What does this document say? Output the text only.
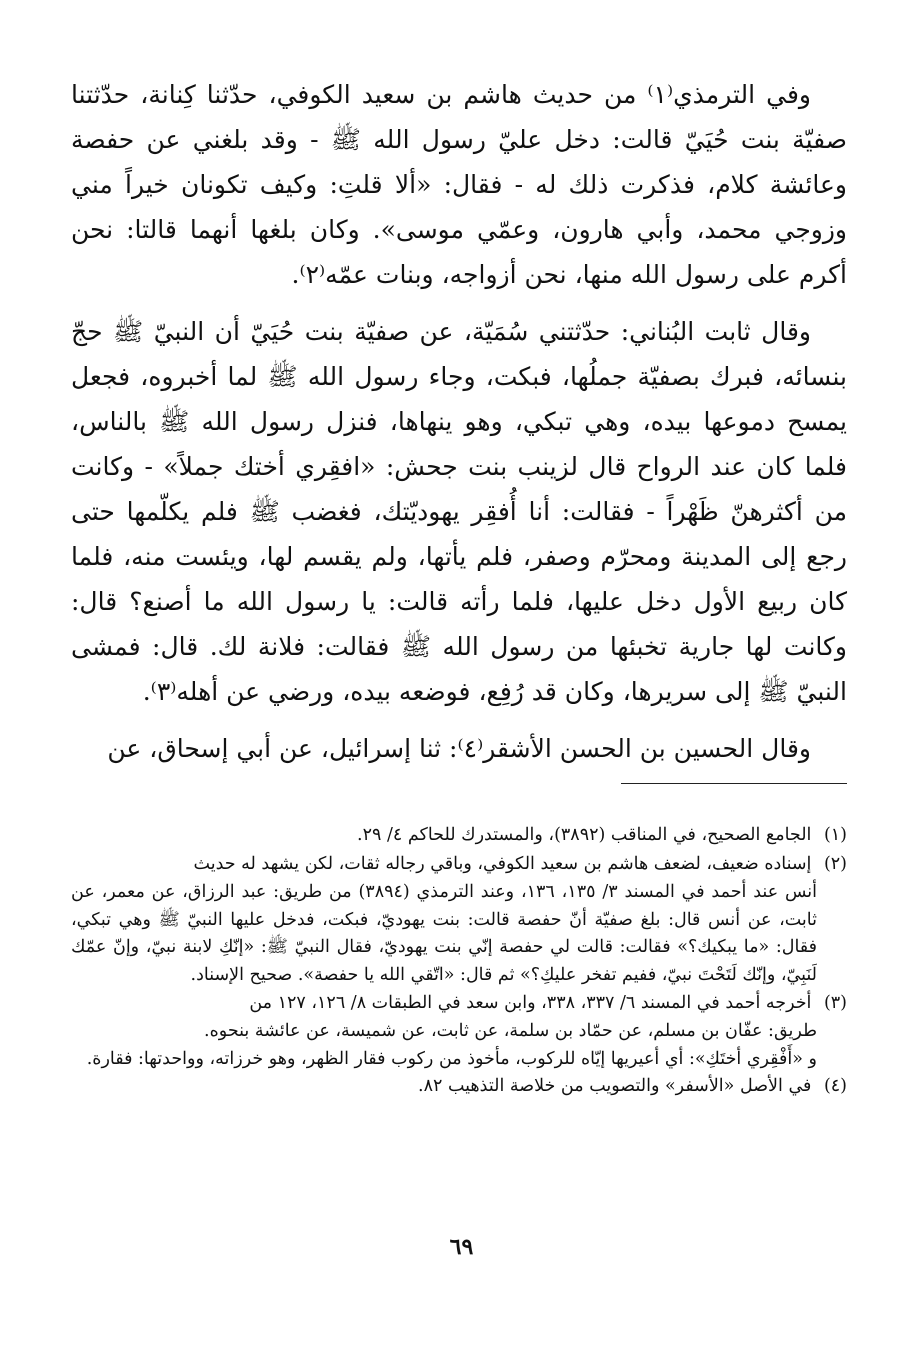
وفي الترمذي⁽١⁾ من حديث هاشم بن سعيد الكوفي، حدّثنا كِنانة، حدّثتنا صفيّة بنت حُيَيّ قالت: دخل عليّ رسول الله ﷺ - وقد بلغني عن حفصة وعائشة كلام، فذكرت ذلك له - فقال: «ألا قلتِ: وكيف تكونان خيراً مني وزوجي محمد، وأبي هارون، وعمّي موسى». وكان بلغها أنهما قالتا: نحن أكرم على رسول الله منها، نحن أزواجه، وبنات عمّه⁽٢⁾.

وقال ثابت البُناني: حدّثتني سُمَيّة، عن صفيّة بنت حُيَيّ أن النبيّ ﷺ حجّ بنسائه، فبرك بصفيّة جملُها، فبكت، وجاء رسول الله ﷺ لما أخبروه، فجعل يمسح دموعها بيده، وهي تبكي، وهو ينهاها، فنزل رسول الله ﷺ بالناس، فلما كان عند الرواح قال لزينب بنت جحش: «افقِري أختك جملاً» - وكانت من أكثرهنّ ظَهْراً - فقالت: أنا أُفقِر يهوديّتك، فغضب ﷺ فلم يكلّمها حتى رجع إلى المدينة ومحرّم وصفر، فلم يأتها، ولم يقسم لها، ويئست منه، فلما كان ربيع الأول دخل عليها، فلما رأته قالت: يا رسول الله ما أصنع؟ قال: وكانت لها جارية تخبئها من رسول الله ﷺ فقالت: فلانة لك. قال: فمشى النبيّ ﷺ إلى سريرها، وكان قد رُفِع، فوضعه بيده، ورضي عن أهله⁽٣⁾.

وقال الحسين بن الحسن الأشقر⁽٤⁾: ثنا إسرائيل، عن أبي إسحاق، عن

(١) الجامع الصحيح، في المناقب (٣٨٩٢)، والمستدرك للحاكم ٤/ ٢٩.
(٢) إسناده ضعيف، لضعف هاشم بن سعيد الكوفي، وباقي رجاله ثقات، لكن يشهد له حديث
أنس عند أحمد في المسند ٣/ ١٣٥، ١٣٦، وعند الترمذي (٣٨٩٤) من طريق: عبد الرزاق، عن معمر، عن ثابت، عن أنس قال: بلغ صفيّة أنّ حفصة قالت: بنت يهوديّ، فبكت، فدخل عليها النبيّ ﷺ وهي تبكي، فقال: «ما يبكيك؟» فقالت: قالت لي حفصة إنّي بنت يهوديّ، فقال النبيّ ﷺ: «إنّكِ لابنة نبيّ، وإنّ عمّك لَنَبِيّ، وإنّك لَتَحْتَ نبيّ، ففيم تفخر عليكِ؟» ثم قال: «اتّقي الله يا حفصة». صحيح الإسناد.
(٣) أخرجه أحمد في المسند ٦/ ٣٣٧، ٣٣٨، وابن سعد في الطبقات ٨/ ١٢٦، ١٢٧ من
طريق: عفّان بن مسلم، عن حمّاد بن سلمة، عن ثابت، عن شميسة، عن عائشة بنحوه.
و «أَفْقِري أختَكِ»: أي أعيريها إيّاه للركوب، مأخوذ من ركوب فقار الظهر، وهو خرزاته، وواحدتها: فقارة.
(٤) في الأصل «الأسفر» والتصويب من خلاصة التذهيب ٨٢.
٦٩
